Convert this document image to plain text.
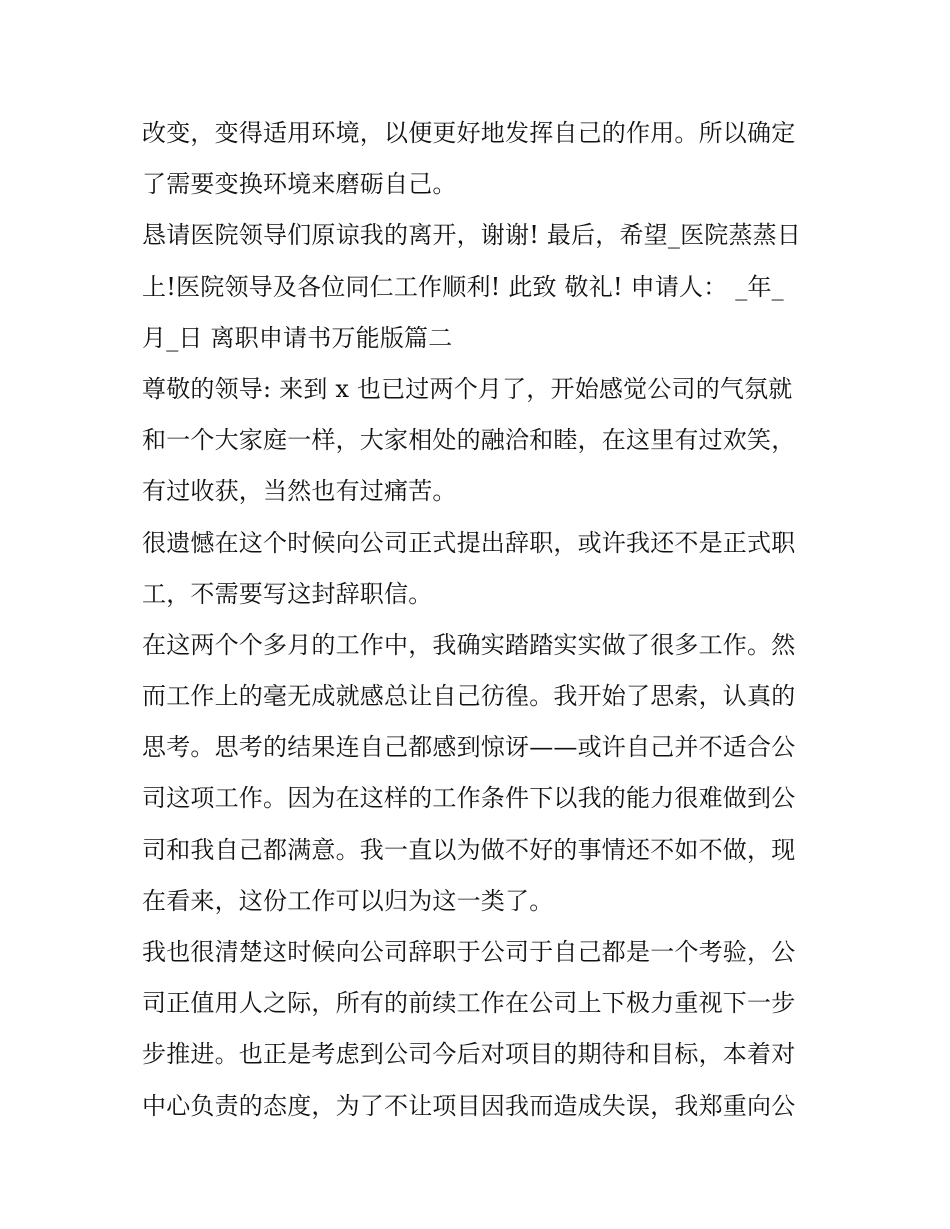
改变，变得适用环境，以便更好地发挥自己的作用。所以确定
了需要变换环境来磨砺自己。
恳请医院领导们原谅我的离开，谢谢! 最后，希望_医院蒸蒸日
上!医院领导及各位同仁工作顺利! 此致 敬礼! 申请人： _年_
月_日 离职申请书万能版篇二
尊敬的领导: 来到 x 也已过两个月了，开始感觉公司的气氛就
和一个大家庭一样，大家相处的融洽和睦，在这里有过欢笑，
有过收获，当然也有过痛苦。
很遗憾在这个时候向公司正式提出辞职，或许我还不是正式职
工，不需要写这封辞职信。
在这两个个多月的工作中，我确实踏踏实实做了很多工作。然
而工作上的毫无成就感总让自己彷徨。我开始了思索，认真的
思考。思考的结果连自己都感到惊讶——或许自己并不适合公
司这项工作。因为在这样的工作条件下以我的能力很难做到公
司和我自己都满意。我一直以为做不好的事情还不如不做，现
在看来，这份工作可以归为这一类了。
我也很清楚这时候向公司辞职于公司于自己都是一个考验，公
司正值用人之际，所有的前续工作在公司上下极力重视下一步
步推进。也正是考虑到公司今后对项目的期待和目标，本着对
中心负责的态度，为了不让项目因我而造成失误，我郑重向公
